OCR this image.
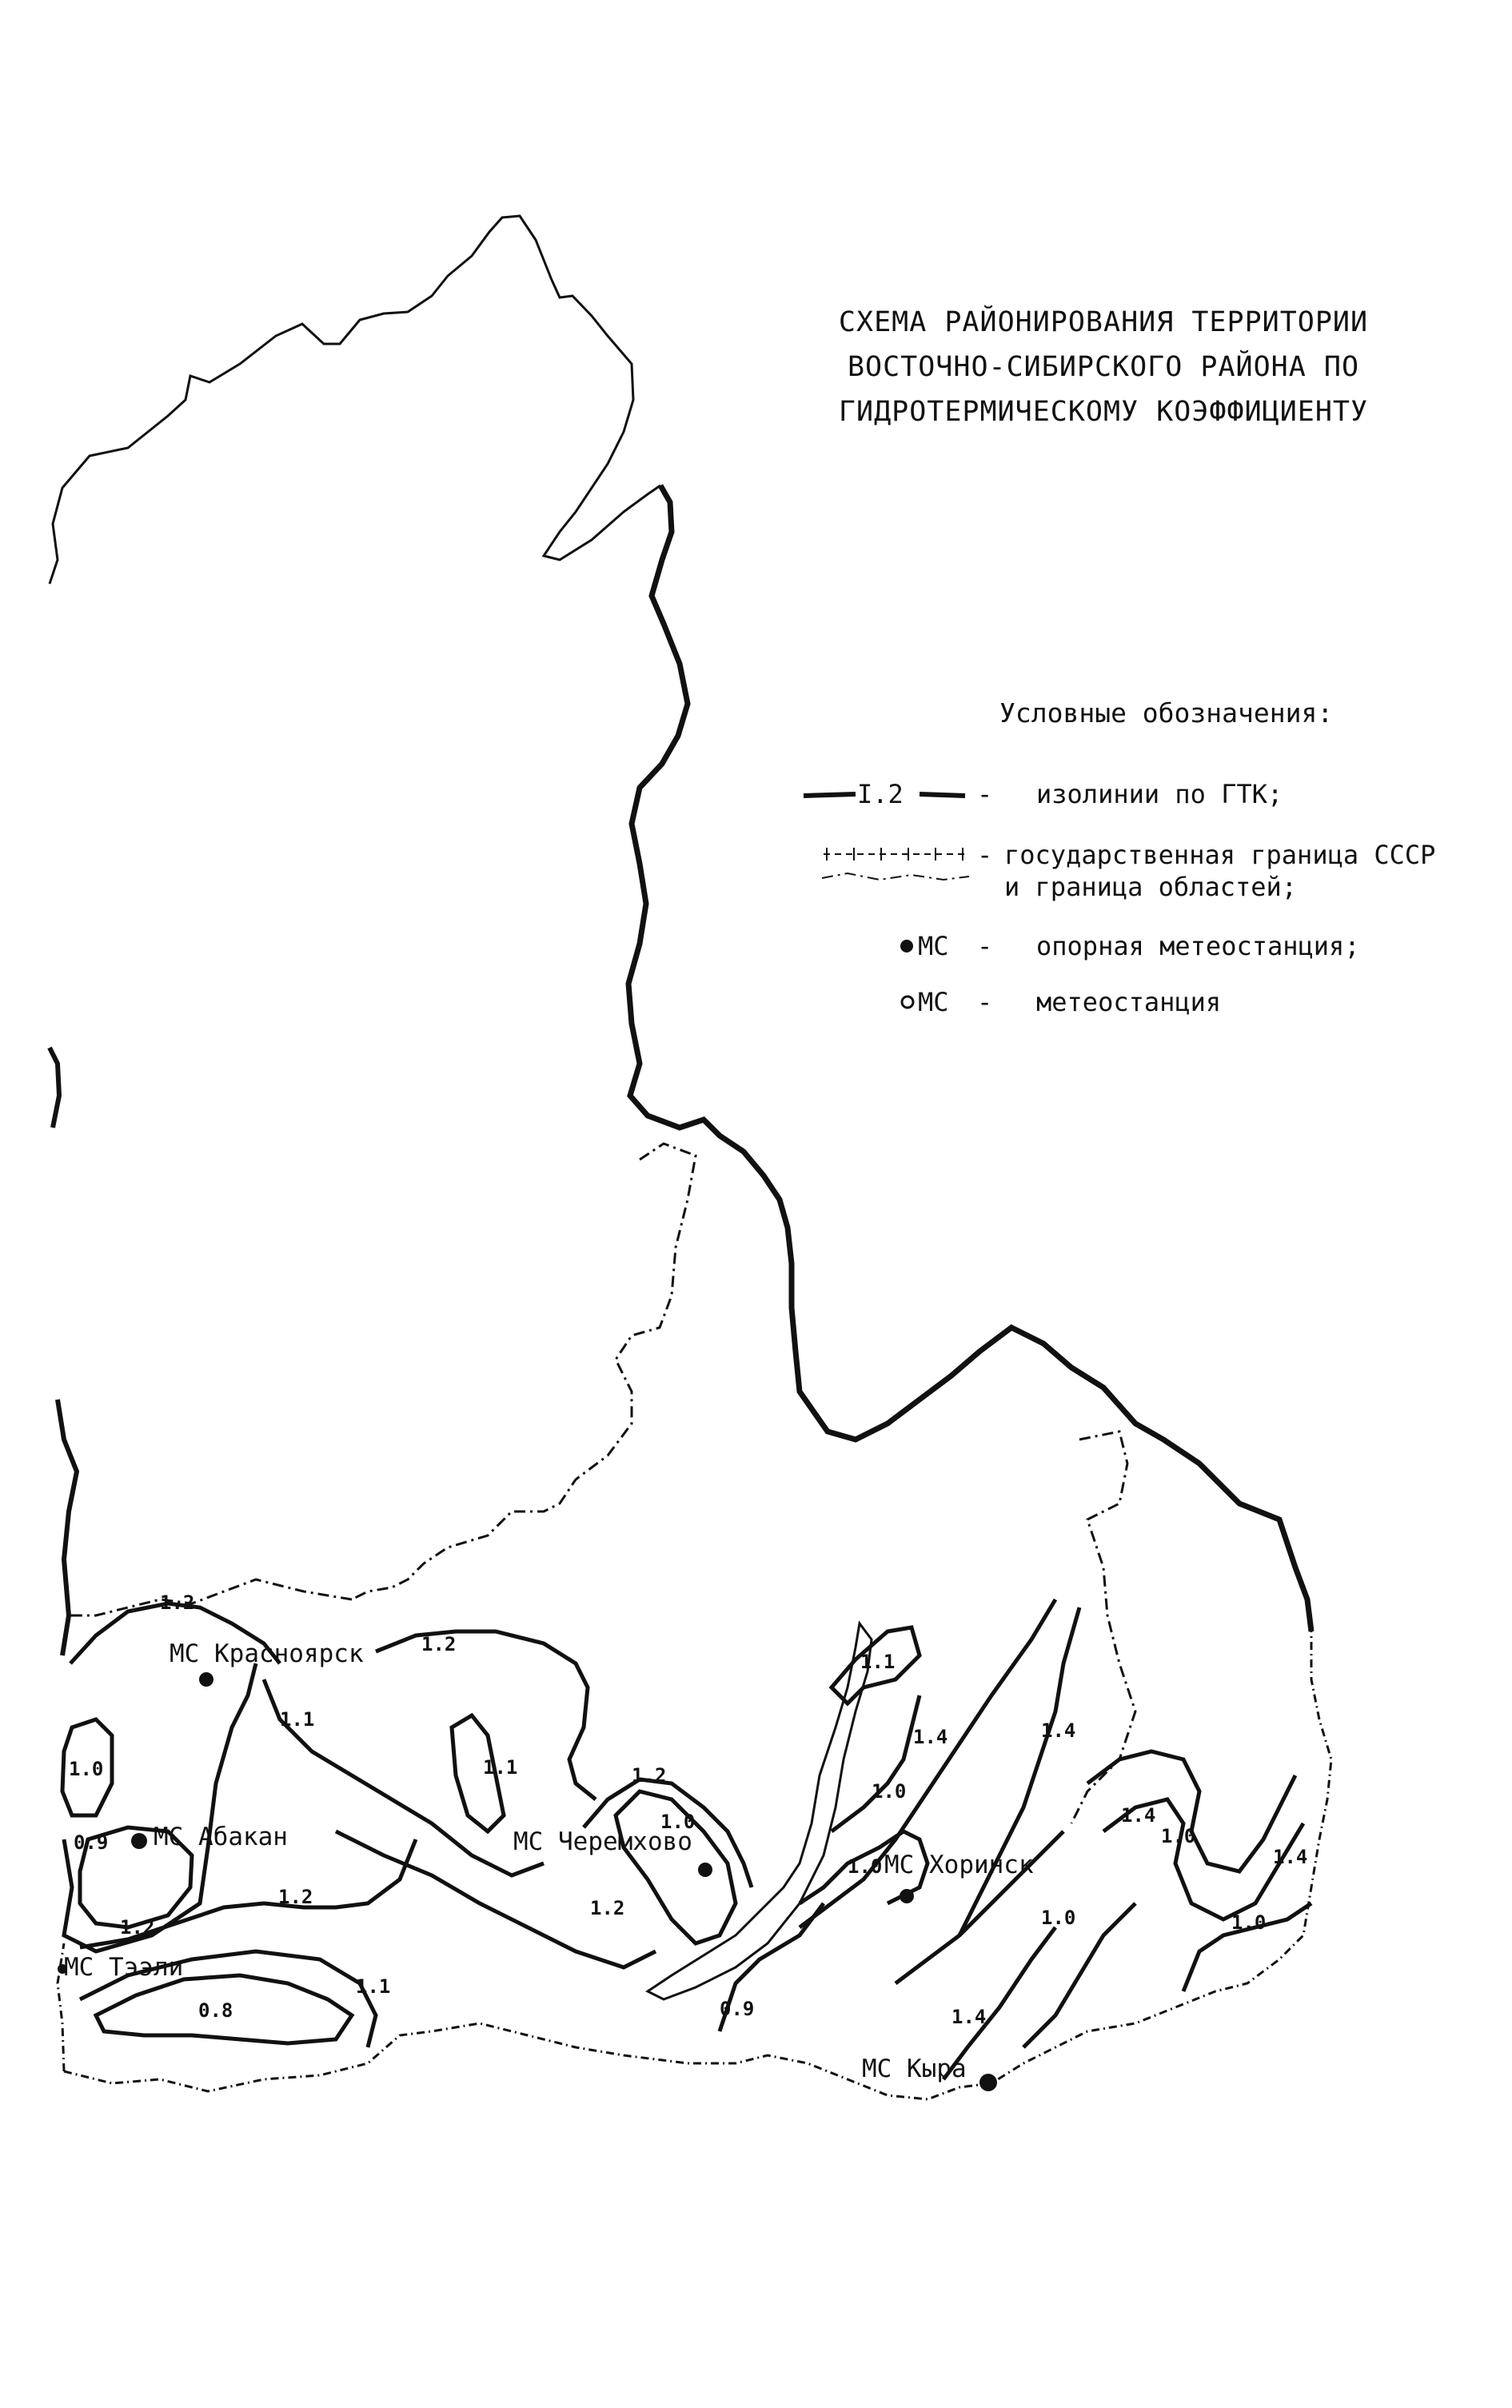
МС Красноярск
МС Абакан	МС Черемхово
МС Хоринск
МС Кыра
МС Тээли
1.2
1.2
1.1
1.0
0.9
1.2
1.2
0.8
1.1
1.1	1.2
1.0
1.2
0.9
1.1
1.0
1.4
1.0
1.4
1.4
1.0
1.4
1.0
1.0
1.4
СХЕМА РАЙОНИРОВАНИЯ ТЕРРИТОРИИ
ВОСТОЧНО-СИБИРСКОГО РАЙОНА ПО
ГИДРОТЕРМИЧЕСКОМУ КОЭФФИЦИЕНТУ
Условные обозначения:
I.2	- изолинии по ГТК;
- государственная граница СССР
и граница областей;
МС - опорная метеостанция;
МС - метеостанция
